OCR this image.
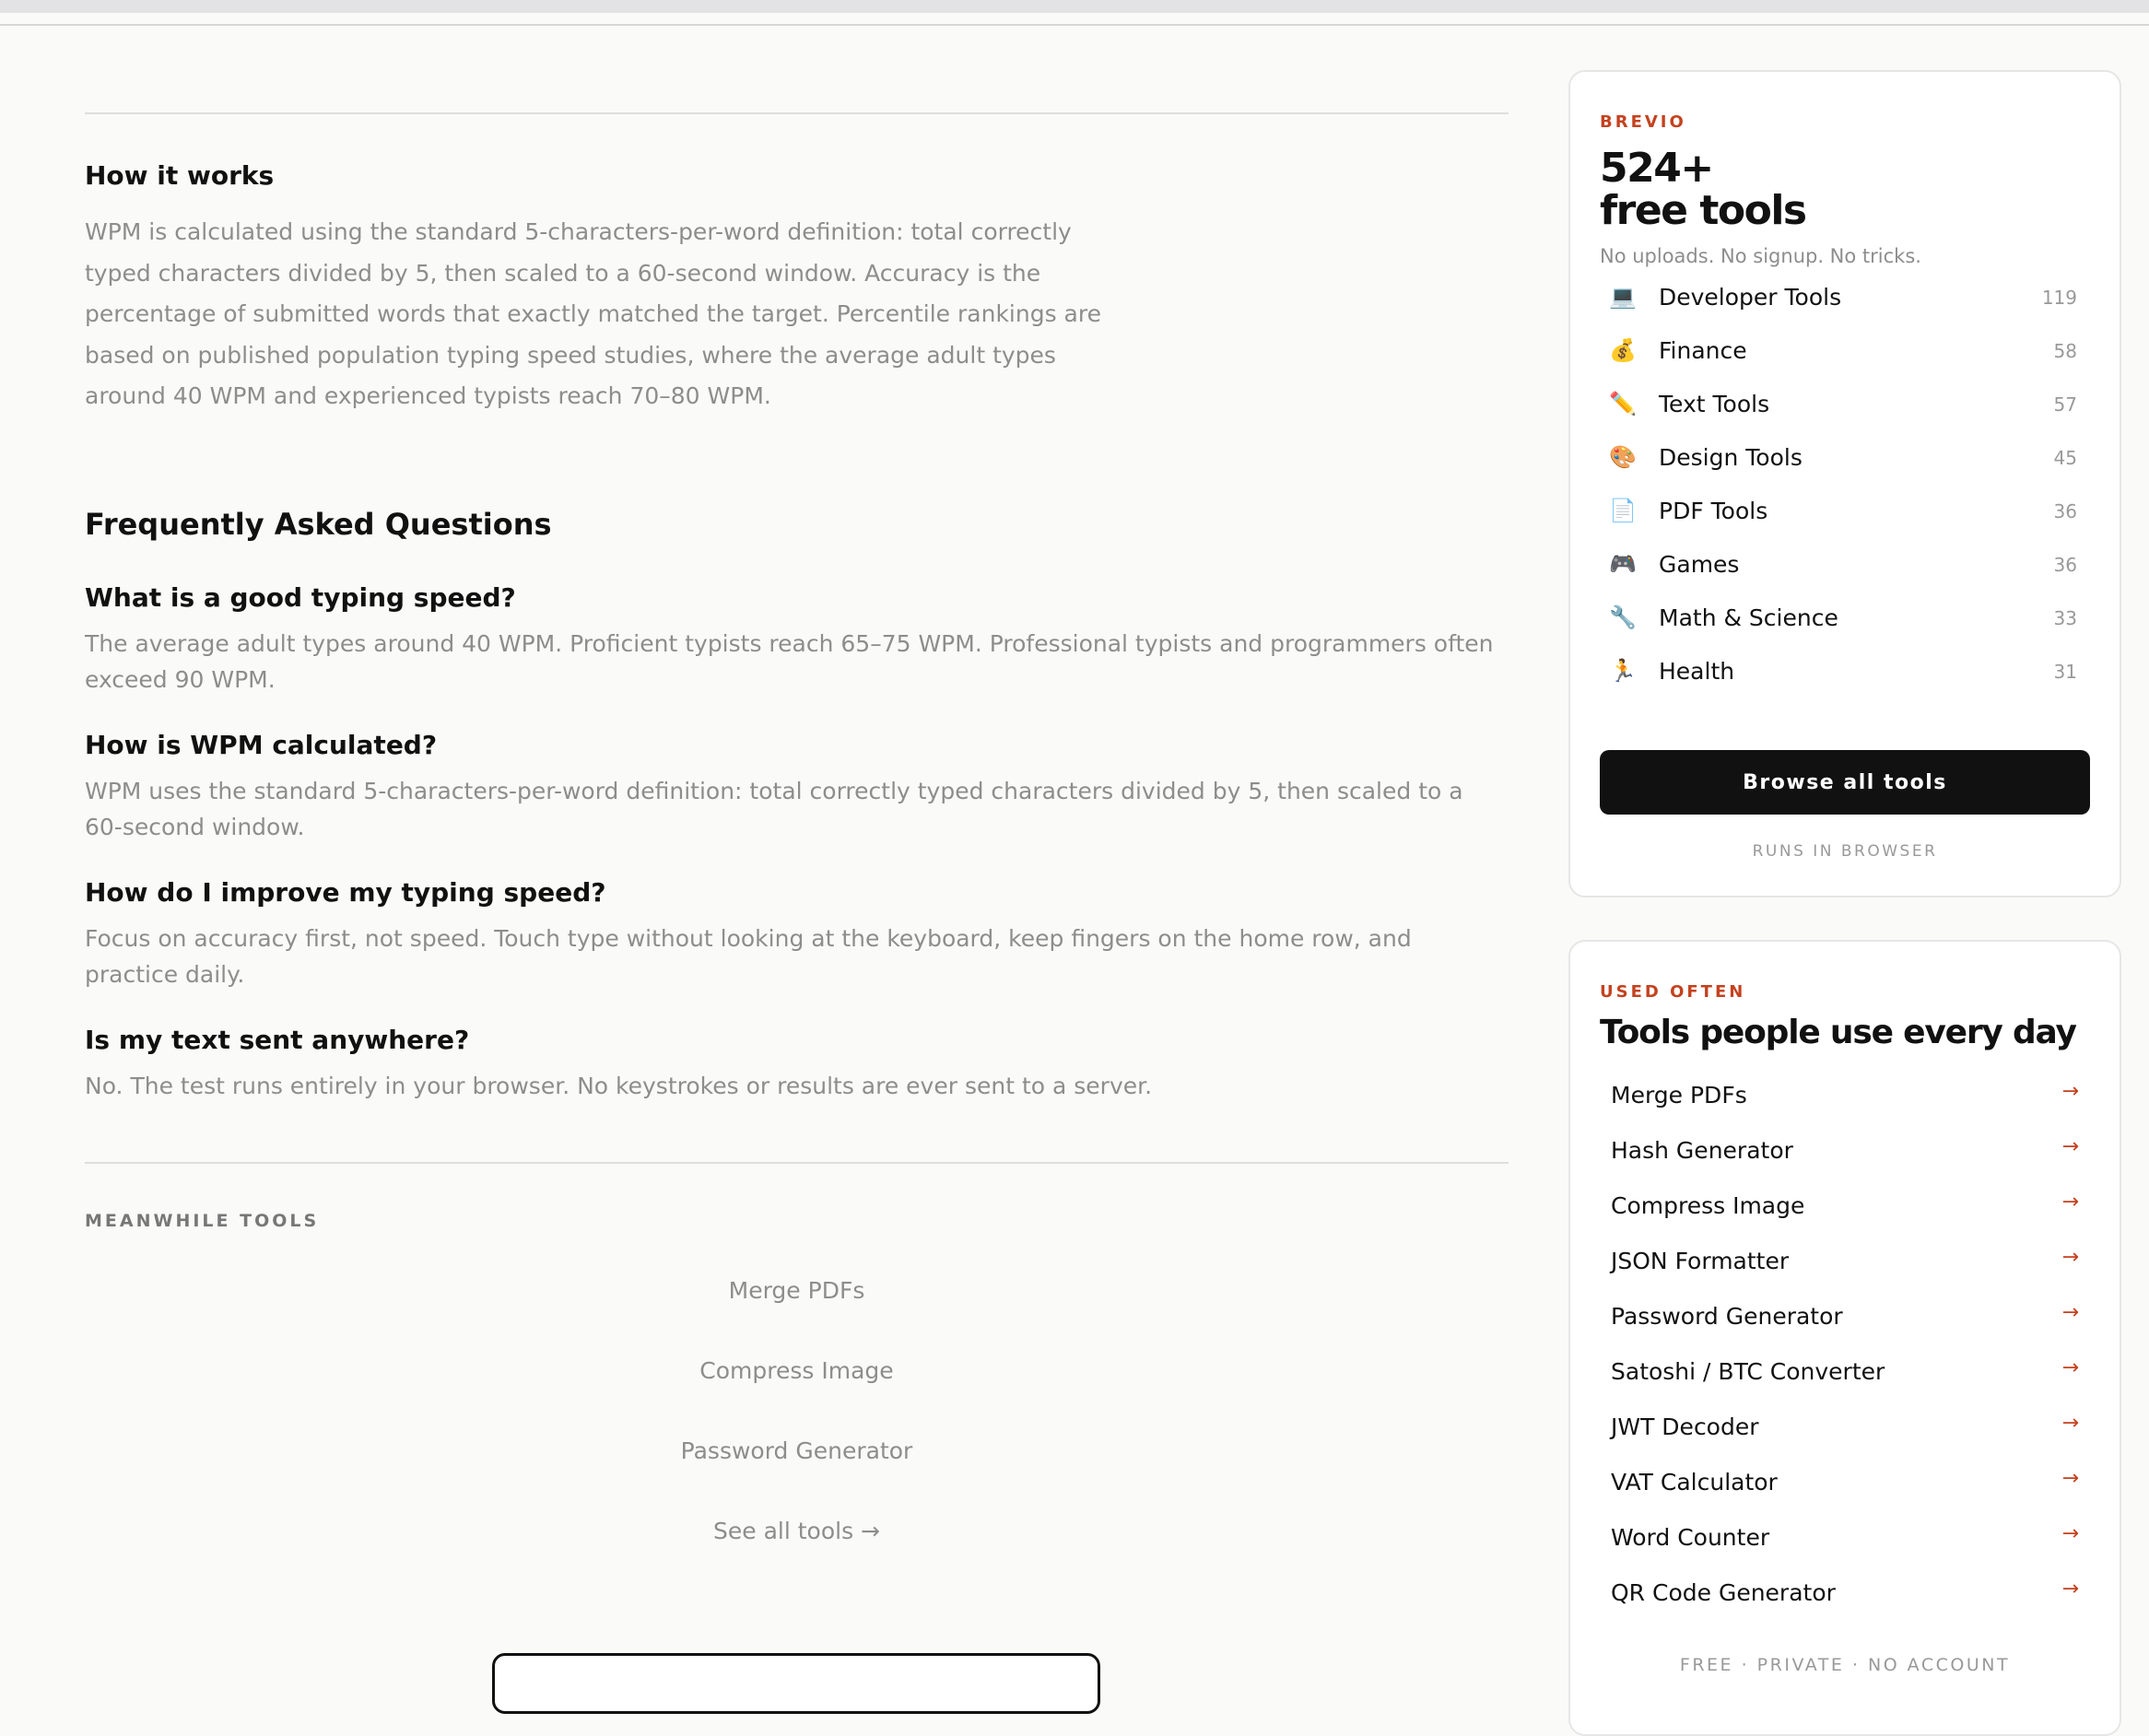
How it works

WPM is calculated using the standard 5-characters-per-word definition: total correctly typed characters divided by 5, then scaled to a 60-second window. Accuracy is the percentage of submitted words that exactly matched the target. Percentile rankings are based on published population typing speed studies, where the average adult types around 40 WPM and experienced typists reach 70–80 WPM.

Frequently Asked Questions
What is a good typing speed?

The average adult types around 40 WPM. Proficient typists reach 65–75 WPM. Professional typists and programmers often exceed 90 WPM.

How is WPM calculated?

WPM uses the standard 5-characters-per-word definition: total correctly typed characters divided by 5, then scaled to a 60-second window.

How do I improve my typing speed?

Focus on accuracy first, not speed. Touch type without looking at the keyboard, keep fingers on the home row, and practice daily.

Is my text sent anywhere?

No. The test runs entirely in your browser. No keystrokes or results are ever sent to a server.

MEANWHILE TOOLS
Merge PDFs
Compress Image
Password Generator
See all tools →
BREVIO
524+
free tools
No uploads. No signup. No tricks.
💻 Developer Tools	119
💰 Finance	58
✏️ Text Tools	57
🎨 Design Tools	45
📄 PDF Tools	36
🎮 Games	36
🔧 Math & Science	33
🏃 Health	31
Browse all tools
RUNS IN BROWSER
USED OFTEN
Tools people use every day
Merge PDFs	→
Hash Generator	→
Compress Image	→
JSON Formatter	→
Password Generator	→
Satoshi / BTC Converter	→
JWT Decoder	→
VAT Calculator	→
Word Counter	→
QR Code Generator	→
FREE · PRIVATE · NO ACCOUNT
